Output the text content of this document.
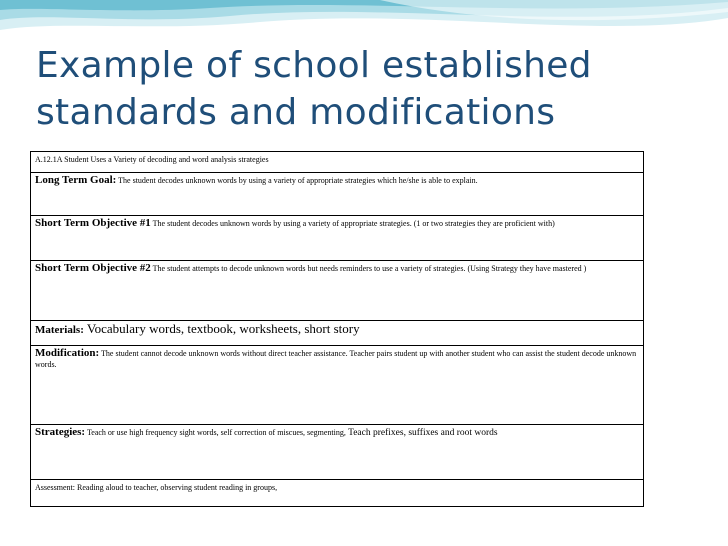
Example of school established
standards and modifications
A.12.1A Student Uses a Variety of decoding and word analysis strategies
Long Term Goal: The student decodes unknown words by using a variety of appropriate strategies which he/she is able to explain.
Short Term Objective #1 The student decodes unknown words by using a variety of appropriate strategies. (1 or two strategies they are proficient with)
Short Term Objective #2 The student attempts to decode unknown words but needs reminders to use a variety of strategies. (Using Strategy they have mastered )
Materials: Vocabulary words, textbook, worksheets, short story
Modification: The student cannot decode unknown words without direct teacher assistance. Teacher pairs student up with another student who can assist the student decode unknown words.
Strategies: Teach or use high frequency sight words, self correction of miscues, segmenting, Teach prefixes, suffixes and root words
Assessment: Reading aloud to teacher, observing student reading in groups,
